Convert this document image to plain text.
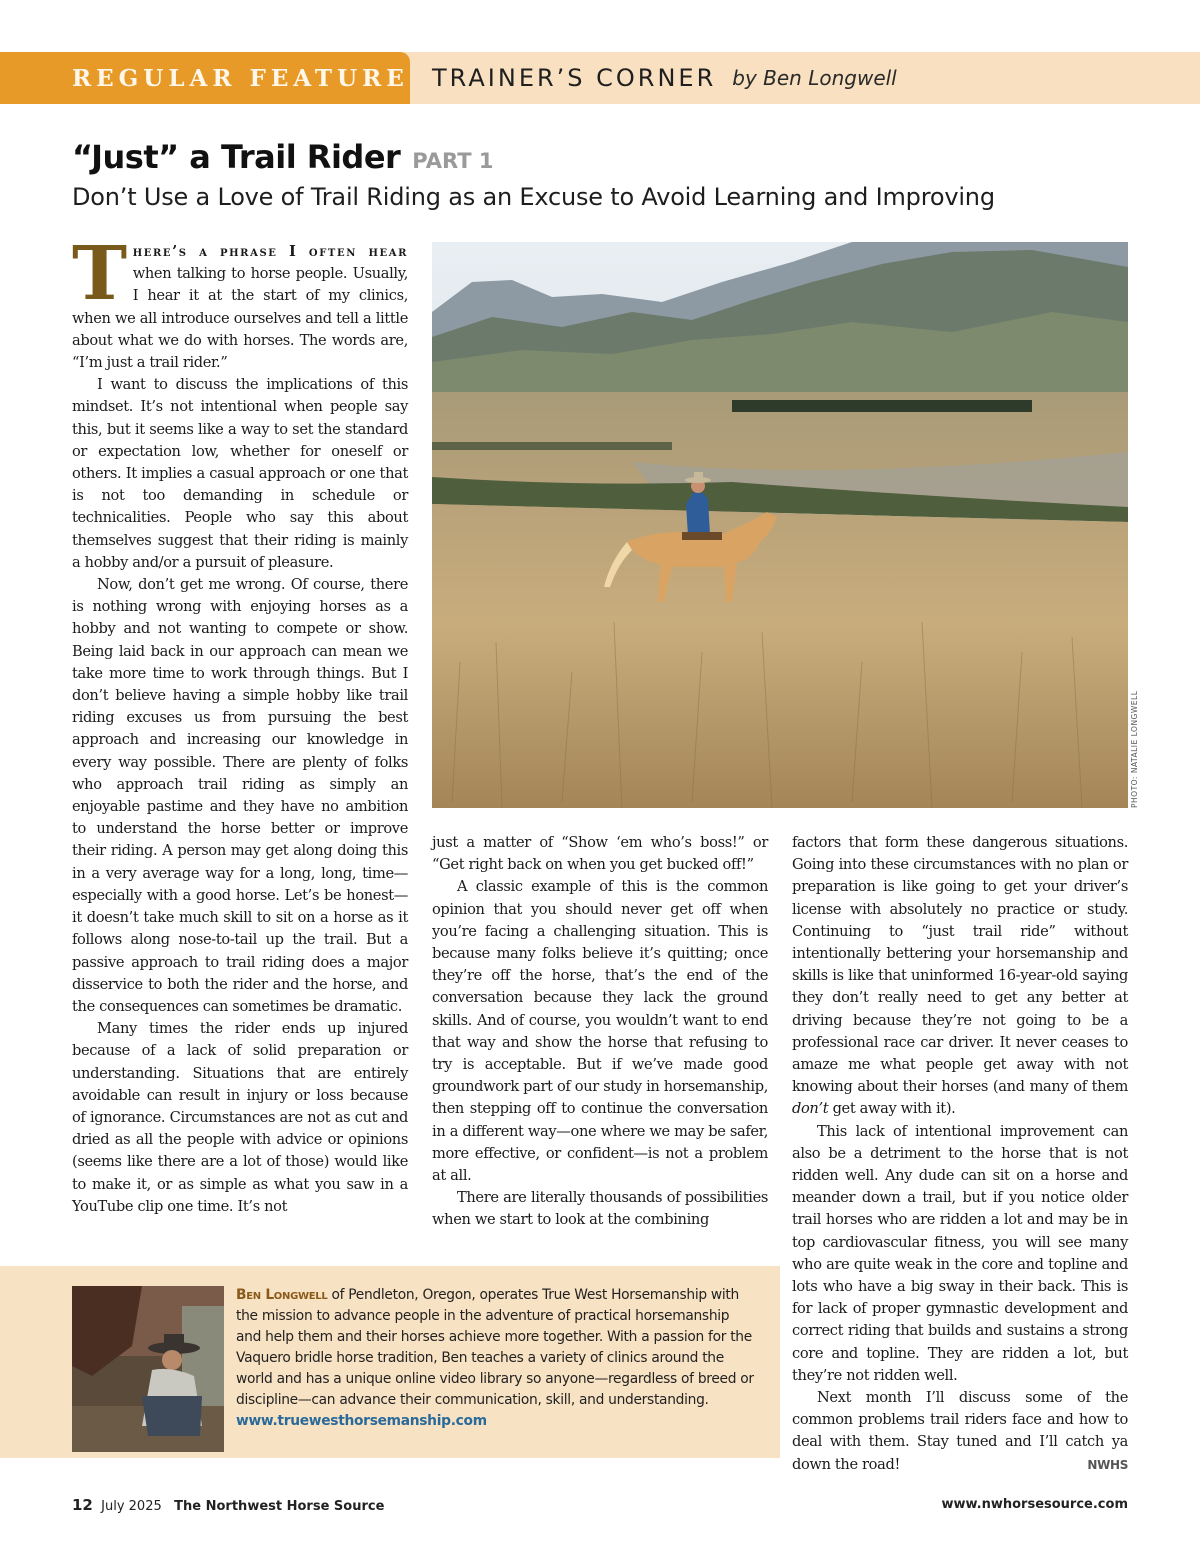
REGULAR FEATURE TRAINER’S CORNER by Ben Longwell
“Just” a Trail Rider PART 1
Don’t Use a Love of Trail Riding as an Excuse to Avoid Learning and Improving

There’s a phrase I often hear when talking to horse people. Usually, I hear it at the start of my clinics, when we all introduce ourselves and tell a little about what we do with horses. The words are, “I’m just a trail rider.”

I want to discuss the implications of this mindset. It’s not intentional when people say this, but it seems like a way to set the standard or expectation low, whether for oneself or others. It implies a casual approach or one that is not too demanding in schedule or technicalities. People who say this about themselves suggest that their riding is mainly a hobby and/or a pursuit of pleasure.

Now, don’t get me wrong. Of course, there is nothing wrong with enjoying horses as a hobby and not wanting to compete or show. Being laid back in our approach can mean we take more time to work through things. But I don’t believe having a simple hobby like trail riding excuses us from pursuing the best approach and increasing our knowledge in every way possible. There are plenty of folks who approach trail riding as simply an enjoyable pastime and they have no ambition to understand the horse better or improve their riding. A person may get along doing this in a very average way for a long, long, time—especially with a good horse. Let’s be honest—it doesn’t take much skill to sit on a horse as it follows along nose-to-tail up the trail. But a passive approach to trail riding does a major disservice to both the rider and the horse, and the consequences can sometimes be dramatic.

Many times the rider ends up injured because of a lack of solid preparation or understanding. Situations that are entirely avoidable can result in injury or loss because of ignorance. Circumstances are not as cut and dried as all the people with advice or opinions (seems like there are a lot of those) would like to make it, or as simple as what you saw in a YouTube clip one time. It’s not

PHOTO: NATALIE LONGWELL

just a matter of “Show ‘em who’s boss!” or “Get right back on when you get bucked off!”

A classic example of this is the common opinion that you should never get off when you’re facing a challenging situation. This is because many folks believe it’s quitting; once they’re off the horse, that’s the end of the conversation because they lack the ground skills. And of course, you wouldn’t want to end that way and show the horse that refusing to try is acceptable. But if we’ve made good groundwork part of our study in horsemanship, then stepping off to continue the conversation in a different way—one where we may be safer, more effective, or confident—is not a problem at all.

There are literally thousands of possibilities when we start to look at the combining

factors that form these dangerous situations. Going into these circumstances with no plan or preparation is like going to get your driver’s license with absolutely no practice or study. Continuing to “just trail ride” without intentionally bettering your horsemanship and skills is like that uninformed 16-year-old saying they don’t really need to get any better at driving because they’re not going to be a professional race car driver. It never ceases to amaze me what people get away with not knowing about their horses (and many of them don’t get away with it).

This lack of intentional improvement can also be a detriment to the horse that is not ridden well. Any dude can sit on a horse and meander down a trail, but if you notice older trail horses who are ridden a lot and may be in top cardiovascular fitness, you will see many who are quite weak in the core and topline and lots who have a big sway in their back. This is for lack of proper gymnastic development and correct riding that builds and sustains a strong core and topline. They are ridden a lot, but they’re not ridden well.

Next month I’ll discuss some of the common problems trail riders face and how to deal with them. Stay tuned and I’ll catch ya down the road!	NWHS

Ben Longwell of Pendleton, Oregon, operates True West Horsemanship with the mission to advance people in the adventure of practical horsemanship and help them and their horses achieve more together. With a passion for the Vaquero bridle horse tradition, Ben teaches a variety of clinics around the world and has a unique online video library so anyone—regardless of breed or discipline—can advance their communication, skill, and understanding.
www.truewesthorsemanship.com
12 July 2025 The Northwest Horse Source	www.nwhorsesource.com
